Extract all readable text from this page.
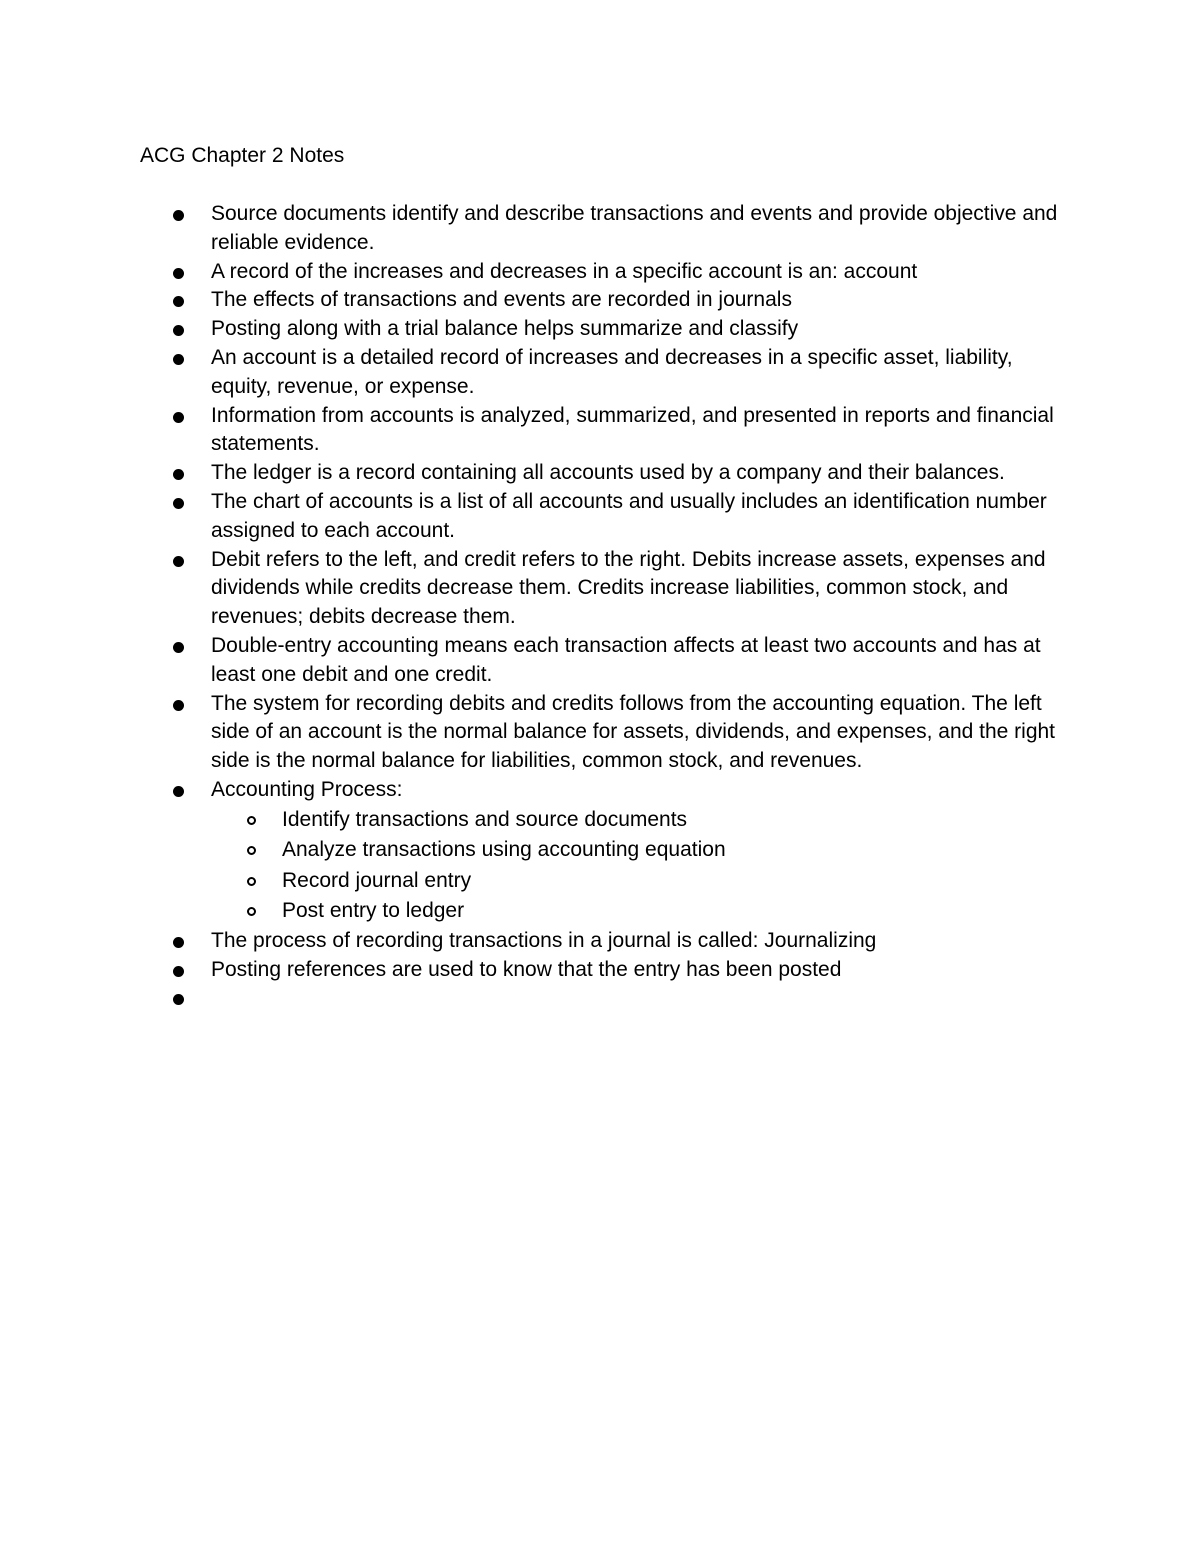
ACG Chapter 2 Notes
Source documents identify and describe transactions and events and provide objective and reliable evidence.
A record of the increases and decreases in a specific account is an: account
The effects of transactions and events are recorded in journals
Posting along with a trial balance helps summarize and classify
An account is a detailed record of increases and decreases in a specific asset, liability, equity, revenue, or expense.
Information from accounts is analyzed, summarized, and presented in reports and financial statements.
The ledger is a record containing all accounts used by a company and their balances.
The chart of accounts is a list of all accounts and usually includes an identification number assigned to each account.
Debit refers to the left, and credit refers to the right. Debits increase assets, expenses and dividends while credits decrease them. Credits increase liabilities, common stock, and revenues; debits decrease them.
Double-entry accounting means each transaction affects at least two accounts and has at least one debit and one credit.
The system for recording debits and credits follows from the accounting equation. The left side of an account is the normal balance for assets, dividends, and expenses, and the right side is the normal balance for liabilities, common stock, and revenues.
Accounting Process:
Identify transactions and source documents
Analyze transactions using accounting equation
Record journal entry
Post entry to ledger
The process of recording transactions in a journal is called: Journalizing
Posting references are used to know that the entry has been posted
